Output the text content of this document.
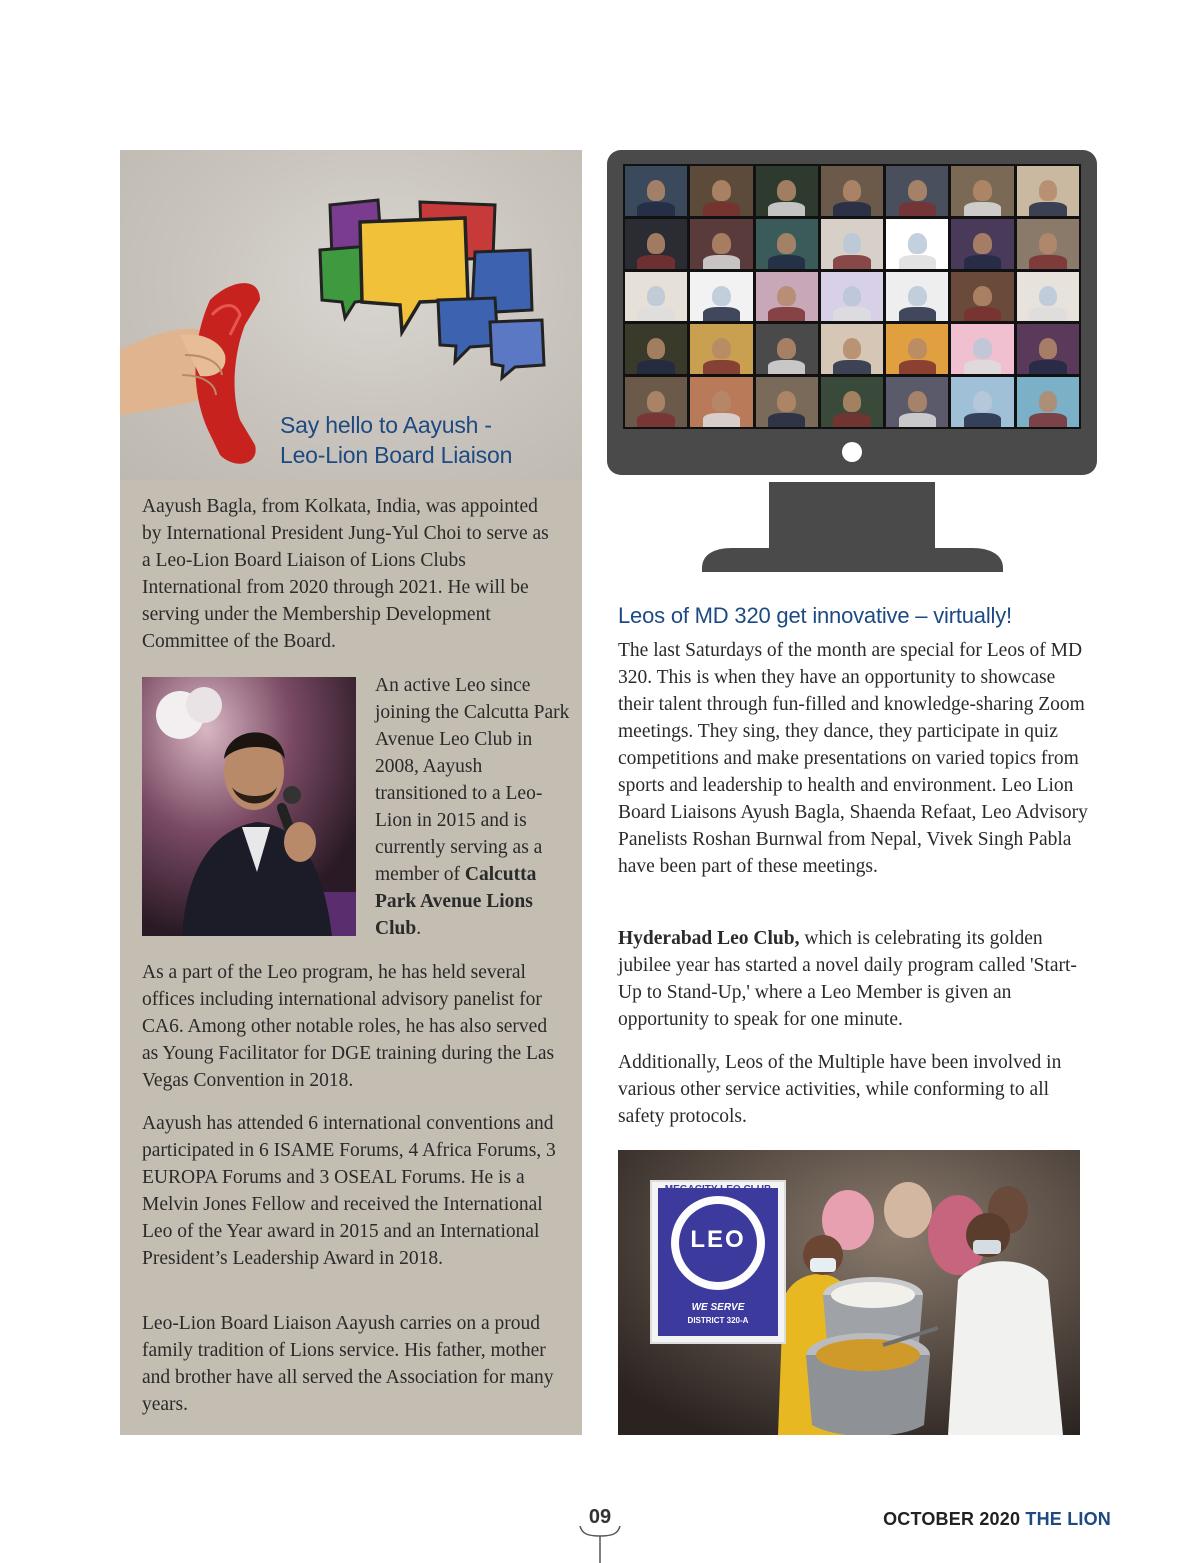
Say hello to Aayush -
Leo-Lion Board Liaison

Aayush Bagla, from Kolkata, India, was appointed by International President Jung-Yul Choi to serve as a Leo-Lion Board Liaison of Lions Clubs International from 2020 through 2021. He will be serving under the Membership Development Committee of the Board.

An active Leo since joining the Calcutta Park Avenue Leo Club in 2008, Aayush transitioned to a Leo-Lion in 2015 and is currently serving as a member of Calcutta Park Avenue Lions Club.

As a part of the Leo program, he has held several offices including international advisory panelist for CA6. Among other notable roles, he has also served as Young Facilitator for DGE training during the Las Vegas Convention in 2018.

Aayush has attended 6 international conventions and participated in 6 ISAME Forums, 4 Africa Forums, 3 EUROPA Forums and 3 OSEAL Forums. He is a Melvin Jones Fellow and received the International Leo of the Year award in 2015 and an International President’s Leadership Award in 2018.

Leo-Lion Board Liaison Aayush carries on a proud family tradition of Lions service. His father, mother and brother have all served the Association for many years.

Leos of MD 320 get innovative – virtually!

The last Saturdays of the month are special for Leos of MD 320. This is when they have an opportunity to showcase their talent through fun-filled and knowledge-sharing Zoom meetings. They sing, they dance, they participate in quiz competitions and make presentations on varied topics from sports and leadership to health and environment. Leo Lion Board Liaisons Ayush Bagla, Shaenda Refaat, Leo Advisory Panelists Roshan Burnwal from Nepal, Vivek Singh Pabla have been part of these meetings.

Hyderabad Leo Club, which is celebrating its golden jubilee year has started a novel daily program called 'Start-Up to Stand-Up,' where a Leo Member is given an opportunity to speak for one minute.

Additionally, Leos of the Multiple have been involved in various other service activities, while conforming to all safety protocols.

MEGACITY LEO CLUB
LEO
WE SERVE
DISTRICT 320-A
09	OCTOBER 2020 THE LION
